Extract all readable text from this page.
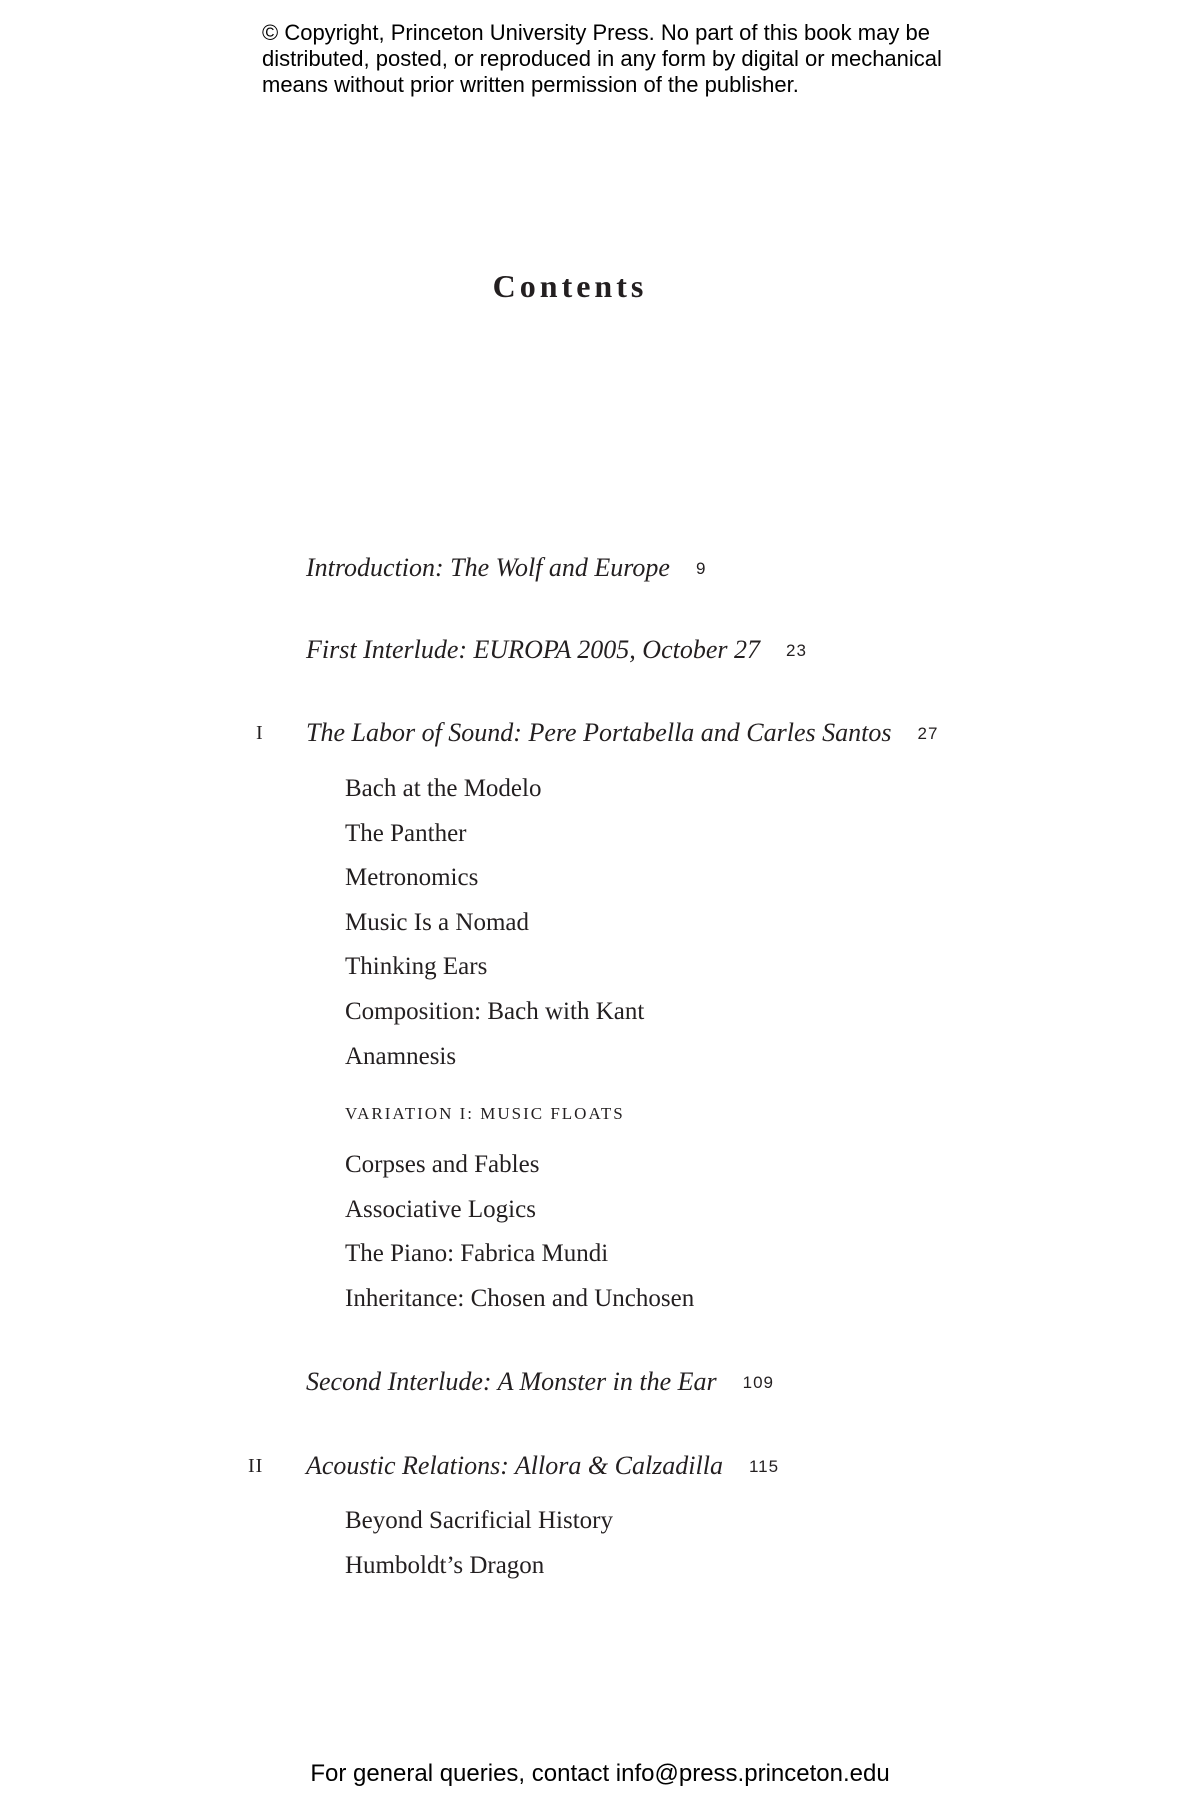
© Copyright, Princeton University Press. No part of this book may be
distributed, posted, or reproduced in any form by digital or mechanical
means without prior written permission of the publisher.
Contents
Introduction: The Wolf and Europe 9
First Interlude: EUROPA 2005, October 27 23
I The Labor of Sound: Pere Portabella and Carles Santos 27
Bach at the Modelo
The Panther
Metronomics
Music Is a Nomad
Thinking Ears
Composition: Bach with Kant
Anamnesis
VARIATION I: MUSIC FLOATS
Corpses and Fables
Associative Logics
The Piano: Fabrica Mundi
Inheritance: Chosen and Unchosen
Second Interlude: A Monster in the Ear 109
II Acoustic Relations: Allora & Calzadilla 115
Beyond Sacrificial History
Humboldt’s Dragon
For general queries, contact info@press.princeton.edu
